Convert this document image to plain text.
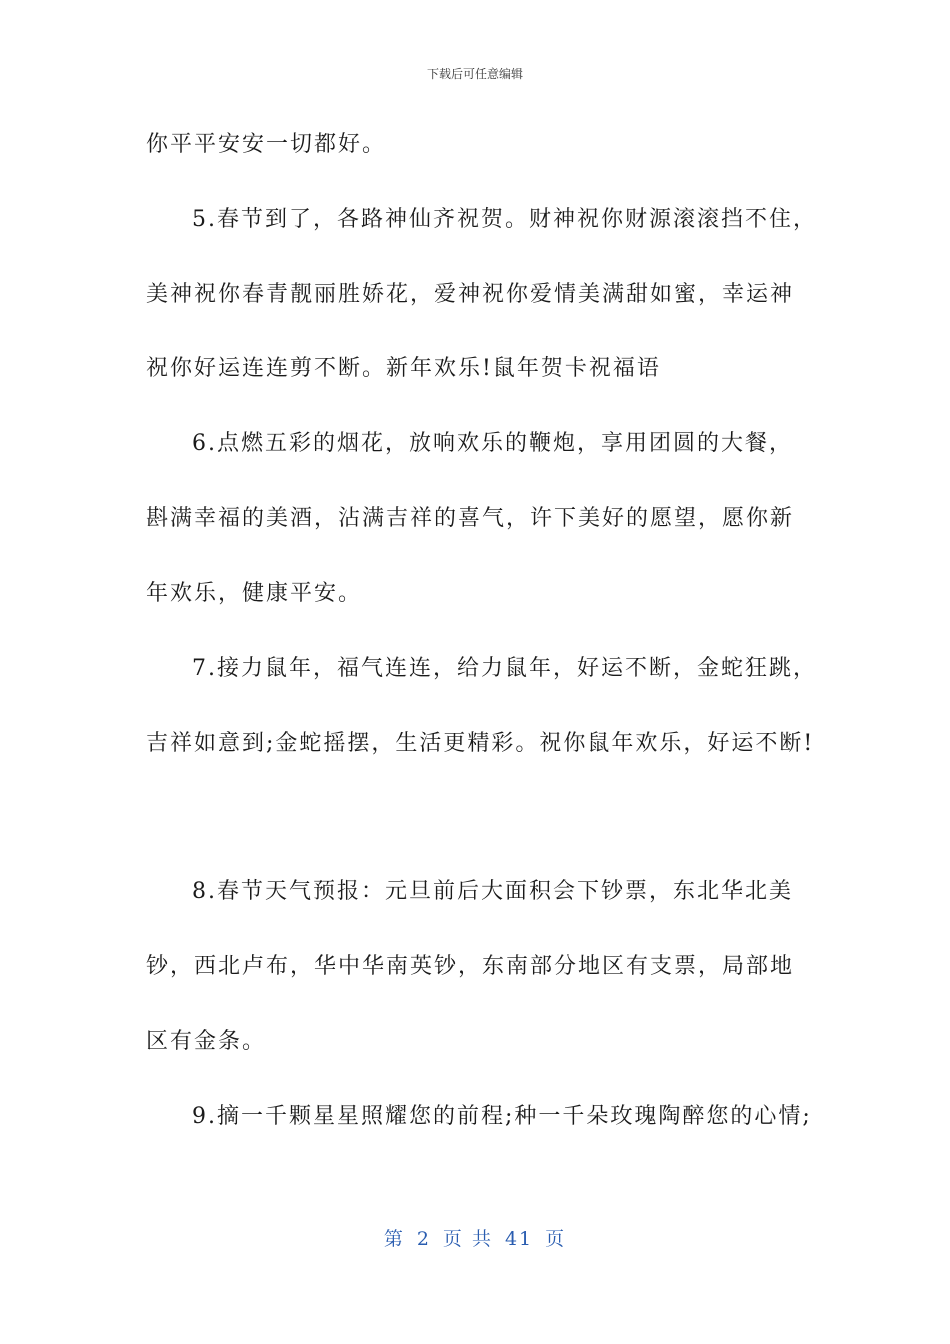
下载后可任意编辑
你平平安安一切都好。
5.春节到了，各路神仙齐祝贺。财神祝你财源滚滚挡不住，
美神祝你春青靓丽胜娇花，爱神祝你爱情美满甜如蜜，幸运神
祝你好运连连剪不断。新年欢乐!鼠年贺卡祝福语
6.点燃五彩的烟花，放响欢乐的鞭炮，享用团圆的大餐，
斟满幸福的美酒，沾满吉祥的喜气，许下美好的愿望，愿你新
年欢乐，健康平安。
7.接力鼠年，福气连连，给力鼠年，好运不断，金蛇狂跳，
吉祥如意到;金蛇摇摆，生活更精彩。祝你鼠年欢乐，好运不断!
8.春节天气预报：元旦前后大面积会下钞票，东北华北美
钞，西北卢布，华中华南英钞，东南部分地区有支票，局部地
区有金条。
9.摘一千颗星星照耀您的前程;种一千朵玫瑰陶醉您的心情;
第 2 页 共 41 页
